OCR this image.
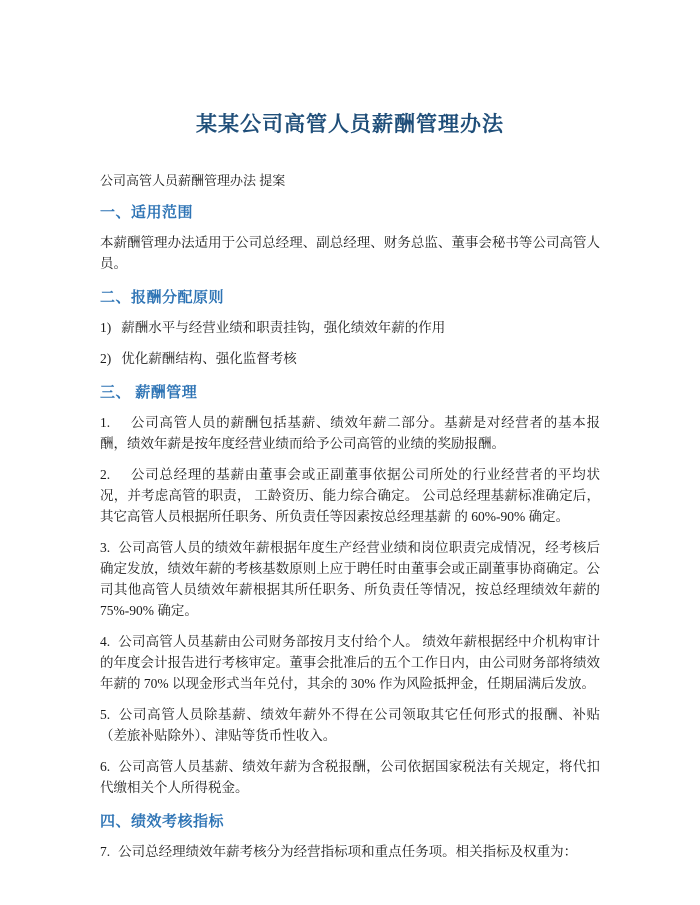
某某公司高管人员薪酬管理办法

公司高管人员薪酬管理办法 提案

一、适用范围

本薪酬管理办法适用于公司总经理、副总经理、财务总监、董事会秘书等公司高管人员。

二、报酬分配原则

1) 薪酬水平与经营业绩和职责挂钩，强化绩效年薪的作用

2) 优化薪酬结构、强化监督考核

三、 薪酬管理

1. 公司高管人员的薪酬包括基薪、绩效年薪二部分。基薪是对经营者的基本报酬，绩效年薪是按年度经营业绩而给予公司高管的业绩的奖励报酬。

2. 公司总经理的基薪由董事会或正副董事依据公司所处的行业经营者的平均状况，并考虑高管的职责， 工龄资历、能力综合确定。 公司总经理基薪标准确定后，其它高管人员根据所任职务、所负责任等因素按总经理基薪 的 60%-90% 确定。

3. 公司高管人员的绩效年薪根据年度生产经营业绩和岗位职责完成情况，经考核后确定发放，绩效年薪的考核基数原则上应于聘任时由董事会或正副董事协商确定。公司其他高管人员绩效年薪根据其所任职务、所负责任等情况，按总经理绩效年薪的 75%-90% 确定。

4. 公司高管人员基薪由公司财务部按月支付给个人。 绩效年薪根据经中介机构审计的年度会计报告进行考核审定。董事会批准后的五个工作日内，由公司财务部将绩效年薪的 70% 以现金形式当年兑付，其余的 30% 作为风险抵押金，任期届满后发放。

5. 公司高管人员除基薪、绩效年薪外不得在公司领取其它任何形式的报酬、补贴（差旅补贴除外）、津贴等货币性收入。

6. 公司高管人员基薪、绩效年薪为含税报酬，公司依据国家税法有关规定，将代扣代缴相关个人所得税金。

四、绩效考核指标

7. 公司总经理绩效年薪考核分为经营指标项和重点任务项。相关指标及权重为：
